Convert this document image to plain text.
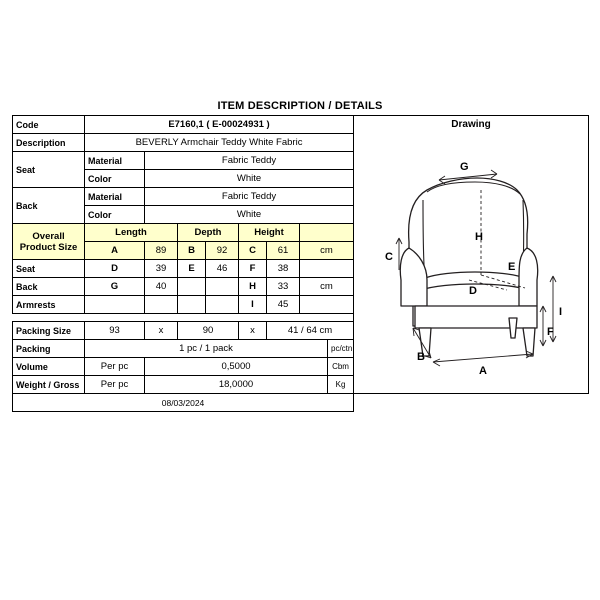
ITEM DESCRIPTION / DETAILS
Code	E7160,1 ( E-00024931 )	Drawing
G
C
H
E
D
I
F
A
B

Description	BEVERLY Armchair Teddy White Fabric								
Seat	Material	Fabric Teddy							
	Color	White							
Back	Material	Fabric Teddy							
	Color	White							
Overall
Product Size	Length		Depth		Height				
	A	89	B	92	C	61	cm		
Seat	D	39	E	46	F	38			
Back	G	40			H	33	cm		
Armrests					I	45			

Packing Size	93	x	90		x	41 / 64 cm			
Packing	1 pc / 1 pack							pc/ctn	
Volume	Per pc	0,5000						Cbm	
Weight / Gross	Per pc	18,0000						Kg	
08/03/2024									
